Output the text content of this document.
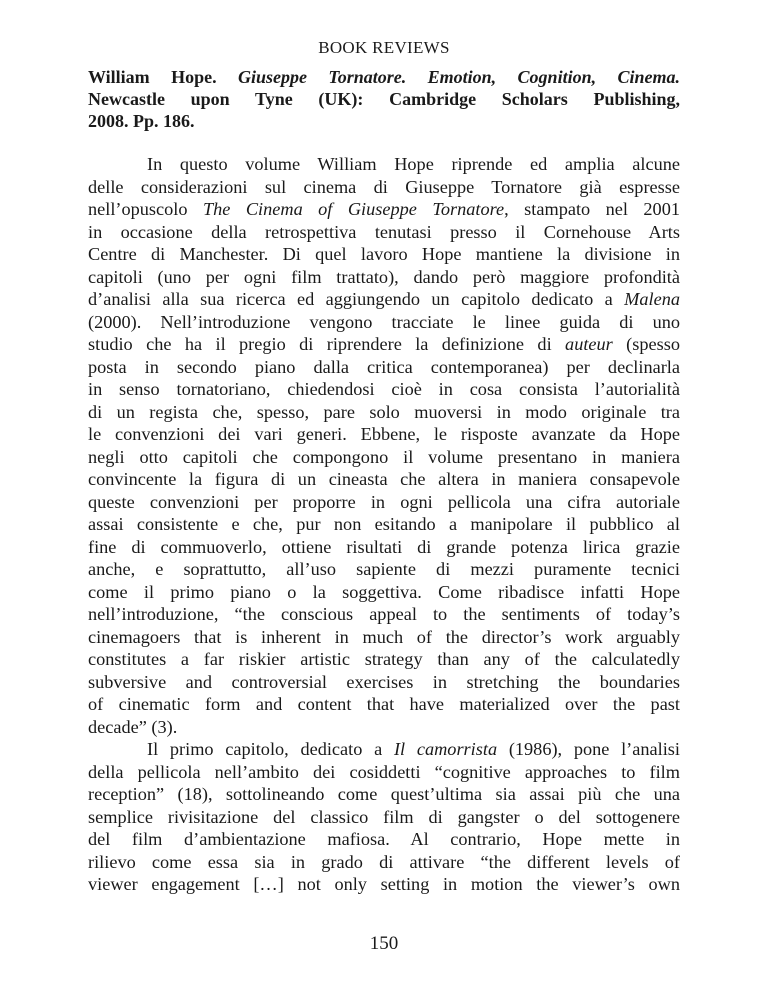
BOOK REVIEWS
William Hope. Giuseppe Tornatore. Emotion, Cognition, Cinema.
Newcastle upon Tyne (UK): Cambridge Scholars Publishing,
2008. Pp. 186.
In questo volume William Hope riprende ed amplia alcune
delle considerazioni sul cinema di Giuseppe Tornatore già espresse
nell’opuscolo The Cinema of Giuseppe Tornatore, stampato nel 2001
in occasione della retrospettiva tenutasi presso il Cornehouse Arts
Centre di Manchester. Di quel lavoro Hope mantiene la divisione in
capitoli (uno per ogni film trattato), dando però maggiore profondità
d’analisi alla sua ricerca ed aggiungendo un capitolo dedicato a Malena
(2000). Nell’introduzione vengono tracciate le linee guida di uno
studio che ha il pregio di riprendere la definizione di auteur (spesso
posta in secondo piano dalla critica contemporanea) per declinarla
in senso tornatoriano, chiedendosi cioè in cosa consista l’autorialità
di un regista che, spesso, pare solo muoversi in modo originale tra
le convenzioni dei vari generi. Ebbene, le risposte avanzate da Hope
negli otto capitoli che compongono il volume presentano in maniera
convincente la figura di un cineasta che altera in maniera consapevole
queste convenzioni per proporre in ogni pellicola una cifra autoriale
assai consistente e che, pur non esitando a manipolare il pubblico al
fine di commuoverlo, ottiene risultati di grande potenza lirica grazie
anche, e soprattutto, all’uso sapiente di mezzi puramente tecnici
come il primo piano o la soggettiva. Come ribadisce infatti Hope
nell’introduzione, “the conscious appeal to the sentiments of today’s
cinemagoers that is inherent in much of the director’s work arguably
constitutes a far riskier artistic strategy than any of the calculatedly
subversive and controversial exercises in stretching the boundaries
of cinematic form and content that have materialized over the past
decade” (3).
Il primo capitolo, dedicato a Il camorrista (1986), pone l’analisi
della pellicola nell’ambito dei cosiddetti “cognitive approaches to film
reception” (18), sottolineando come quest’ultima sia assai più che una
semplice rivisitazione del classico film di gangster o del sottogenere
del film d’ambientazione mafiosa. Al contrario, Hope mette in
rilievo come essa sia in grado di attivare “the different levels of
viewer engagement […] not only setting in motion the viewer’s own
150
